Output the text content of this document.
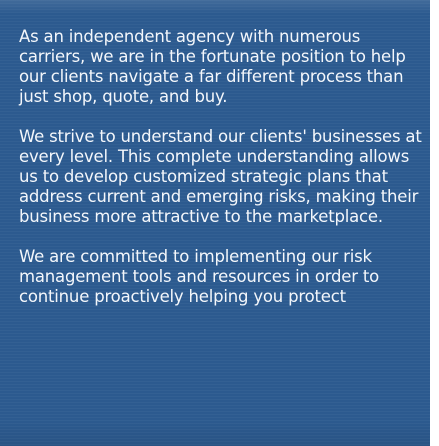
As an independent agency with numerous carriers, we are in the fortunate position to help our clients navigate a far different process than just shop, quote, and buy.

We strive to understand our clients' businesses at every level. This complete understanding allows us to develop customized strategic plans that address current and emerging risks, making their business more attractive to the marketplace.

We are committed to implementing our risk management tools and resources in order to continue proactively helping you protect
